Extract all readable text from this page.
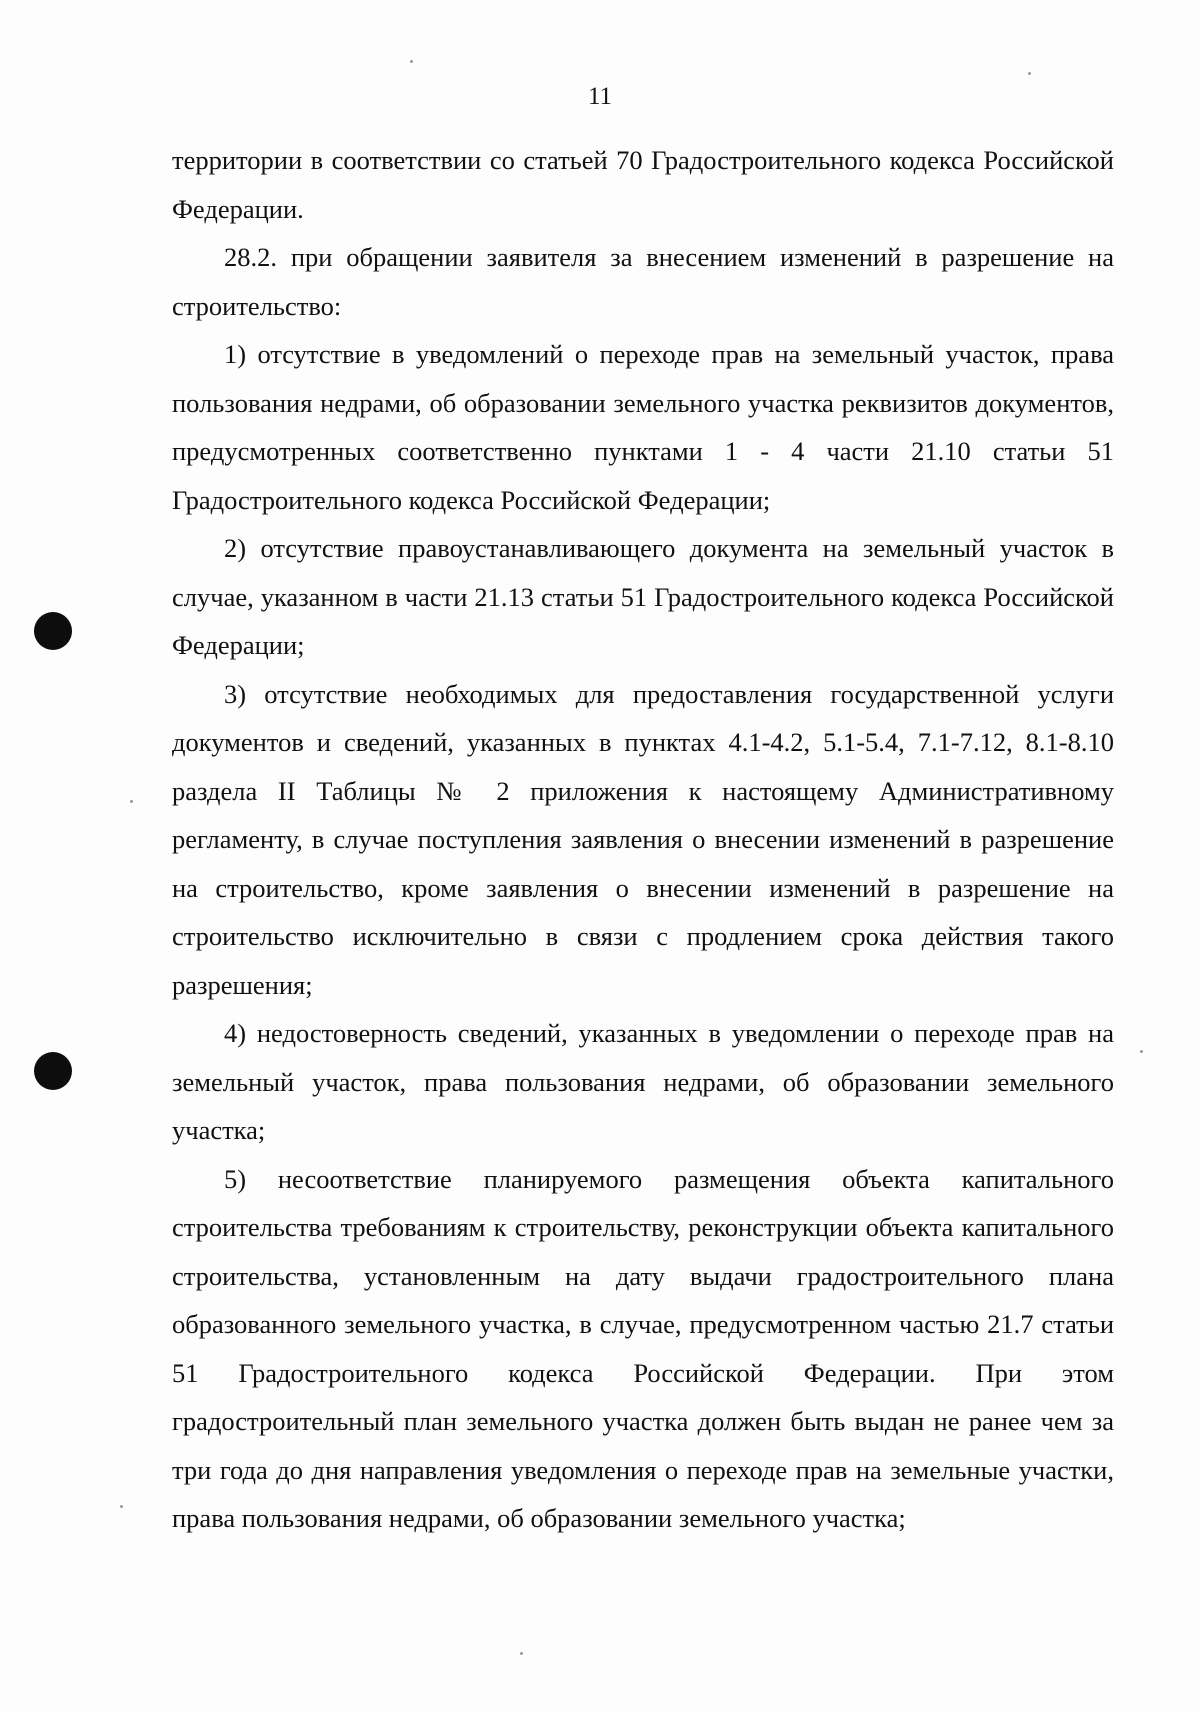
11

территории в соответствии со статьей 70 Градостроительного кодекса Российской Федерации.

28.2. при обращении заявителя за внесением изменений в разрешение на строительство:

1) отсутствие в уведомлений о переходе прав на земельный участок, права пользования недрами, об образовании земельного участка реквизитов документов, предусмотренных соответственно пунктами 1 - 4 части 21.10 статьи 51 Градостроительного кодекса Российской Федерации;

2) отсутствие правоустанавливающего документа на земельный участок в случае, указанном в части 21.13 статьи 51 Градостроительного кодекса Российской Федерации;

3) отсутствие необходимых для предоставления государственной услуги документов и сведений, указанных в пунктах 4.1-4.2, 5.1-5.4, 7.1-7.12, 8.1-8.10 раздела II Таблицы № 2 приложения к настоящему Административному регламенту, в случае поступления заявления о внесении изменений в разрешение на строительство, кроме заявления о внесении изменений в разрешение на строительство исключительно в связи с продлением срока действия такого разрешения;

4) недостоверность сведений, указанных в уведомлении о переходе прав на земельный участок, права пользования недрами, об образовании земельного участка;

5) несоответствие планируемого размещения объекта капитального строительства требованиям к строительству, реконструкции объекта капитального строительства, установленным на дату выдачи градостроительного плана образованного земельного участка, в случае, предусмотренном частью 21.7 статьи 51 Градостроительного кодекса Российской Федерации. При этом градостроительный план земельного участка должен быть выдан не ранее чем за три года до дня направления уведомления о переходе прав на земельные участки, права пользования недрами, об образовании земельного участка;
